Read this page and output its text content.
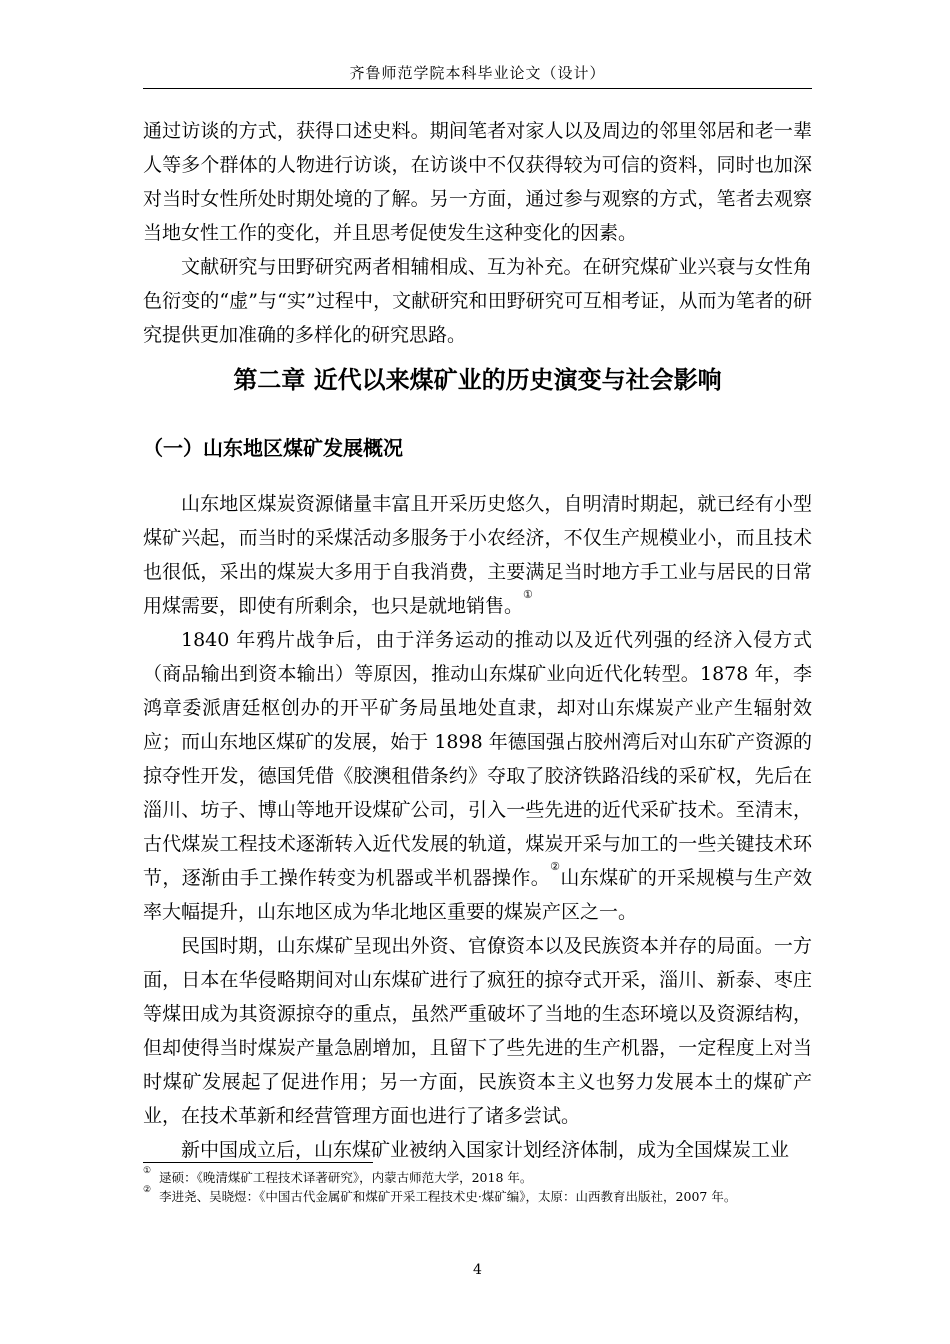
齐鲁师范学院本科毕业论文（设计）

通过访谈的方式，获得口述史料。期间笔者对家人以及周边的邻里邻居和老一辈人等多个群体的人物进行访谈，在访谈中不仅获得较为可信的资料，同时也加深对当时女性所处时期处境的了解。另一方面，通过参与观察的方式，笔者去观察当地女性工作的变化，并且思考促使发生这种变化的因素。

文献研究与田野研究两者相辅相成、互为补充。在研究煤矿业兴衰与女性角色衍变的“虚”与“实”过程中，文献研究和田野研究可互相考证，从而为笔者的研究提供更加准确的多样化的研究思路。

第二章 近代以来煤矿业的历史演变与社会影响
（一）山东地区煤矿发展概况

山东地区煤炭资源储量丰富且开采历史悠久，自明清时期起，就已经有小型煤矿兴起，而当时的采煤活动多服务于小农经济，不仅生产规模业小，而且技术也很低，采出的煤炭大多用于自我消费，主要满足当时地方手工业与居民的日常用煤需要，即使有所剩余，也只是就地销售。①

1840 年鸦片战争后，由于洋务运动的推动以及近代列强的经济入侵方式（商品输出到资本输出）等原因，推动山东煤矿业向近代化转型。1878 年，李鸿章委派唐廷枢创办的开平矿务局虽地处直隶，却对山东煤炭产业产生辐射效应；而山东地区煤矿的发展，始于 1898 年德国强占胶州湾后对山东矿产资源的掠夺性开发，德国凭借《胶澳租借条约》夺取了胶济铁路沿线的采矿权，先后在淄川、坊子、博山等地开设煤矿公司，引入一些先进的近代采矿技术。至清末，古代煤炭工程技术逐渐转入近代发展的轨道，煤炭开采与加工的一些关键技术环节，逐渐由手工操作转变为机器或半机器操作。②山东煤矿的开采规模与生产效率大幅提升，山东地区成为华北地区重要的煤炭产区之一。

民国时期，山东煤矿呈现出外资、官僚资本以及民族资本并存的局面。一方面，日本在华侵略期间对山东煤矿进行了疯狂的掠夺式开采，淄川、新泰、枣庄等煤田成为其资源掠夺的重点，虽然严重破坏了当地的生态环境以及资源结构，但却使得当时煤炭产量急剧增加，且留下了些先进的生产机器，一定程度上对当时煤矿发展起了促进作用；另一方面，民族资本主义也努力发展本土的煤矿产业，在技术革新和经营管理方面也进行了诸多尝试。

新中国成立后，山东煤矿业被纳入国家计划经济体制，成为全国煤炭工业

① 逯硕：《晚清煤矿工程技术译著研究》，内蒙古师范大学，2018 年。

② 李进尧、吴晓煜：《中国古代金属矿和煤矿开采工程技术史·煤矿编》，太原：山西教育出版社，2007 年。

4
